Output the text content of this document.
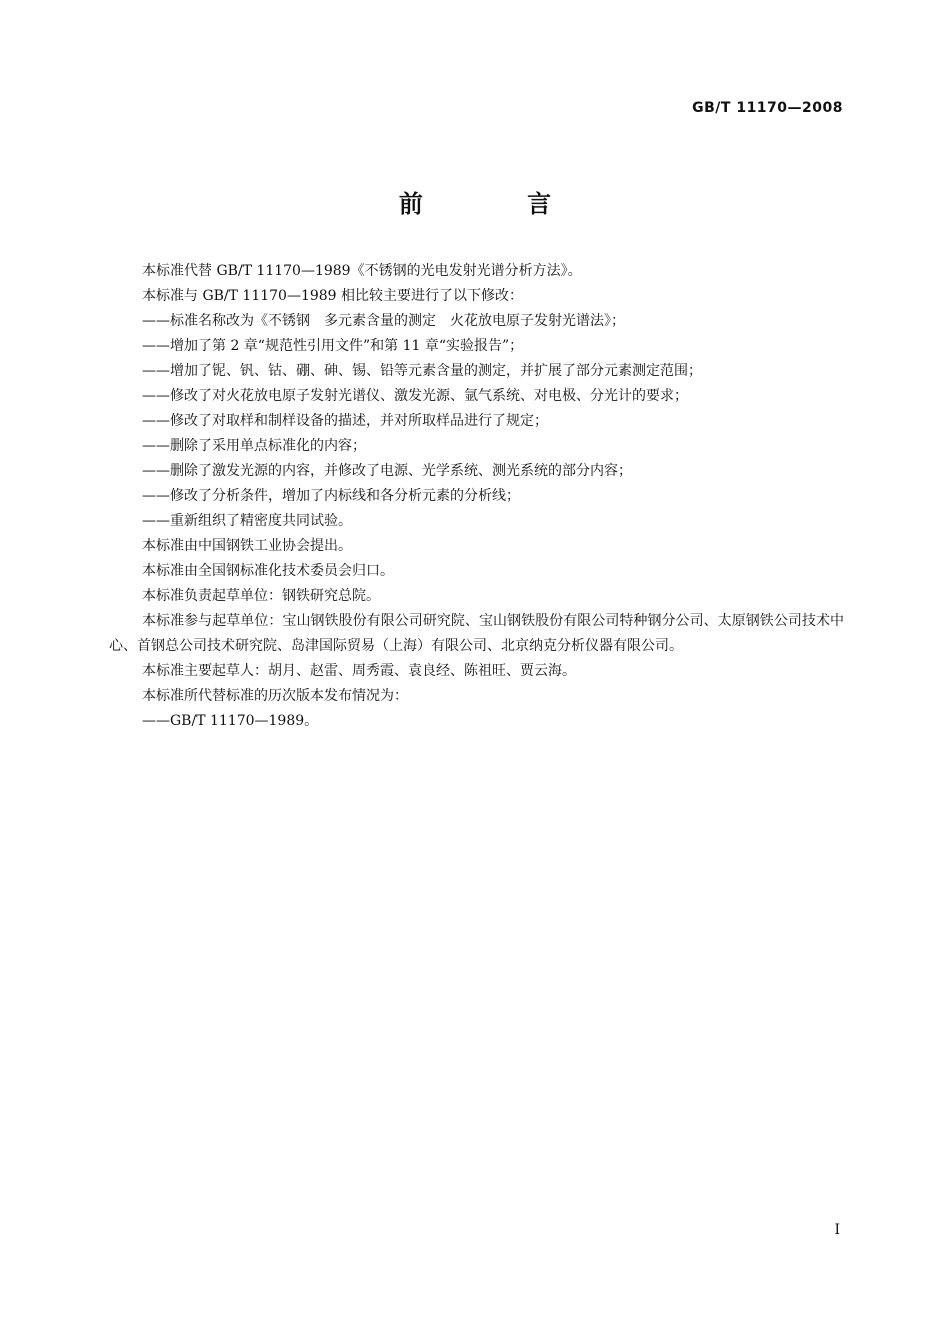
GB/T 11170—2008
前 言

本标准代替 GB/T 11170—1989《不锈钢的光电发射光谱分析方法》。

本标准与 GB/T 11170—1989 相比较主要进行了以下修改：

——标准名称改为《不锈钢　多元素含量的测定　火花放电原子发射光谱法》；

——增加了第 2 章“规范性引用文件”和第 11 章“实验报告”；

——增加了铌、钒、钴、硼、砷、锡、铅等元素含量的测定，并扩展了部分元素测定范围；

——修改了对火花放电原子发射光谱仪、激发光源、氩气系统、对电极、分光计的要求；

——修改了对取样和制样设备的描述，并对所取样品进行了规定；

——删除了采用单点标准化的内容；

——删除了激发光源的内容，并修改了电源、光学系统、测光系统的部分内容；

——修改了分析条件，增加了内标线和各分析元素的分析线；

——重新组织了精密度共同试验。

本标准由中国钢铁工业协会提出。

本标准由全国钢标准化技术委员会归口。

本标准负责起草单位：钢铁研究总院。

本标准参与起草单位：宝山钢铁股份有限公司研究院、宝山钢铁股份有限公司特种钢分公司、太原钢铁公司技术中心、首钢总公司技术研究院、岛津国际贸易（上海）有限公司、北京纳克分析仪器有限公司。

本标准主要起草人：胡月、赵雷、周秀霞、袁良经、陈祖旺、贾云海。

本标准所代替标准的历次版本发布情况为：

——GB/T 11170—1989。

I
